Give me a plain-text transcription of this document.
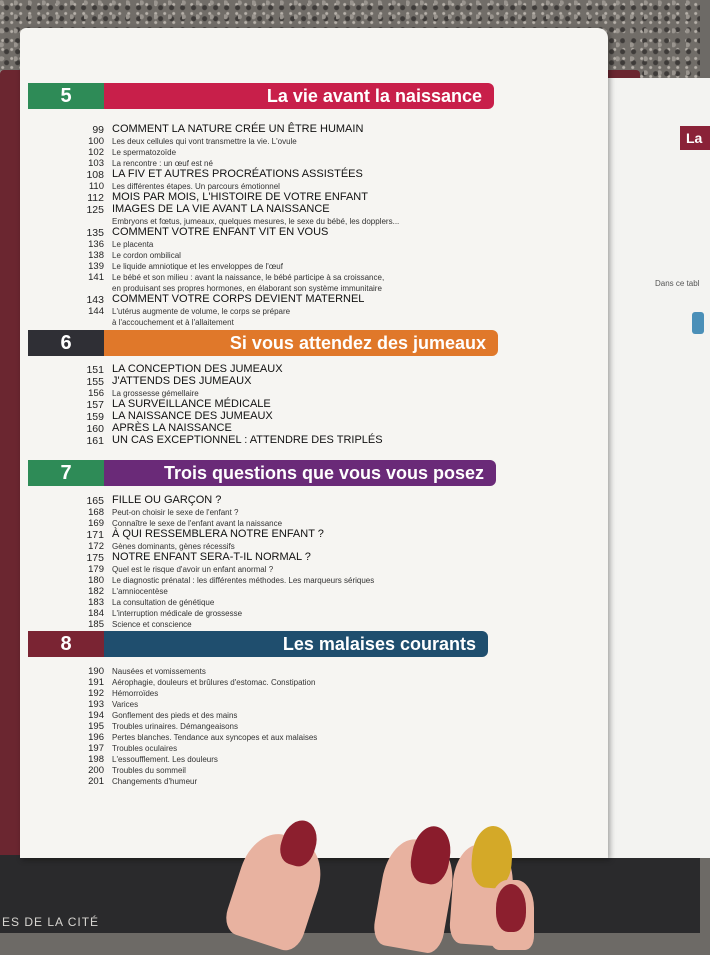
ES DE LA CITÉ
La
Dans ce tabl
5	La vie avant la naissance
99 COMMENT LA NATURE CRÉE UN ÊTRE HUMAIN
100 Les deux cellules qui vont transmettre la vie. L'ovule
102 Le spermatozoïde
103 La rencontre : un œuf est né
108 LA FIV ET AUTRES PROCRÉATIONS ASSISTÉES
110 Les différentes étapes. Un parcours émotionnel
112 MOIS PAR MOIS, L'HISTOIRE DE VOTRE ENFANT
125 IMAGES DE LA VIE AVANT LA NAISSANCE
Embryons et fœtus, jumeaux, quelques mesures, le sexe du bébé, les dopplers...
135 COMMENT VOTRE ENFANT VIT EN VOUS
136 Le placenta
138 Le cordon ombilical
139 Le liquide amniotique et les enveloppes de l'œuf
141 Le bébé et son milieu : avant la naissance, le bébé participe à sa croissance,
en produisant ses propres hormones, en élaborant son système immunitaire
143 COMMENT VOTRE CORPS DEVIENT MATERNEL
144 L'utérus augmente de volume, le corps se prépare
à l'accouchement et à l'allaitement
6	Si vous attendez des jumeaux
151 LA CONCEPTION DES JUMEAUX
155 J'ATTENDS DES JUMEAUX
156 La grossesse gémellaire
157 LA SURVEILLANCE MÉDICALE
159 LA NAISSANCE DES JUMEAUX
160 APRÈS LA NAISSANCE
161 UN CAS EXCEPTIONNEL : ATTENDRE DES TRIPLÉS
7	Trois questions que vous vous posez
165 FILLE OU GARÇON ?
168 Peut-on choisir le sexe de l'enfant ?
169 Connaître le sexe de l'enfant avant la naissance
171 À QUI RESSEMBLERA NOTRE ENFANT ?
172 Gènes dominants, gènes récessifs
175 NOTRE ENFANT SERA-T-IL NORMAL ?
179 Quel est le risque d'avoir un enfant anormal ?
180 Le diagnostic prénatal : les différentes méthodes. Les marqueurs sériques
182 L'amniocentèse
183 La consultation de génétique
184 L'interruption médicale de grossesse
185 Science et conscience
8	Les malaises courants
190 Nausées et vomissements
191 Aérophagie, douleurs et brûlures d'estomac. Constipation
192 Hémorroïdes
193 Varices
194 Gonflement des pieds et des mains
195 Troubles urinaires. Démangeaisons
196 Pertes blanches. Tendance aux syncopes et aux malaises
197 Troubles oculaires
198 L'essoufflement. Les douleurs
200 Troubles du sommeil
201 Changements d'humeur
